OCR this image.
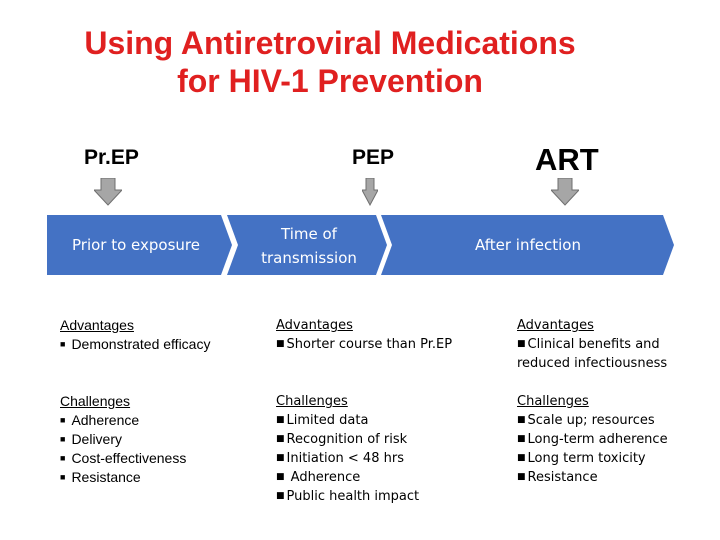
Using Antiretroviral Medications
for HIV-1 Prevention
Pr.EP	PEP	ART
Prior to exposure
Time of
transmission
After infection
Advantages
■ Demonstrated efficacy
Challenges
■ Adherence
■ Delivery
■ Cost-effectiveness
■ Resistance
Advantages
■ Shorter course than Pr.EP
Challenges
■ Limited data
■ Recognition of risk
■ Initiation < 48 hrs
■ Adherence
■ Public health impact
Advantages
■ Clinical benefits and
reduced infectiousness
Challenges
■ Scale up; resources
■ Long-term adherence
■ Long term toxicity
■ Resistance
